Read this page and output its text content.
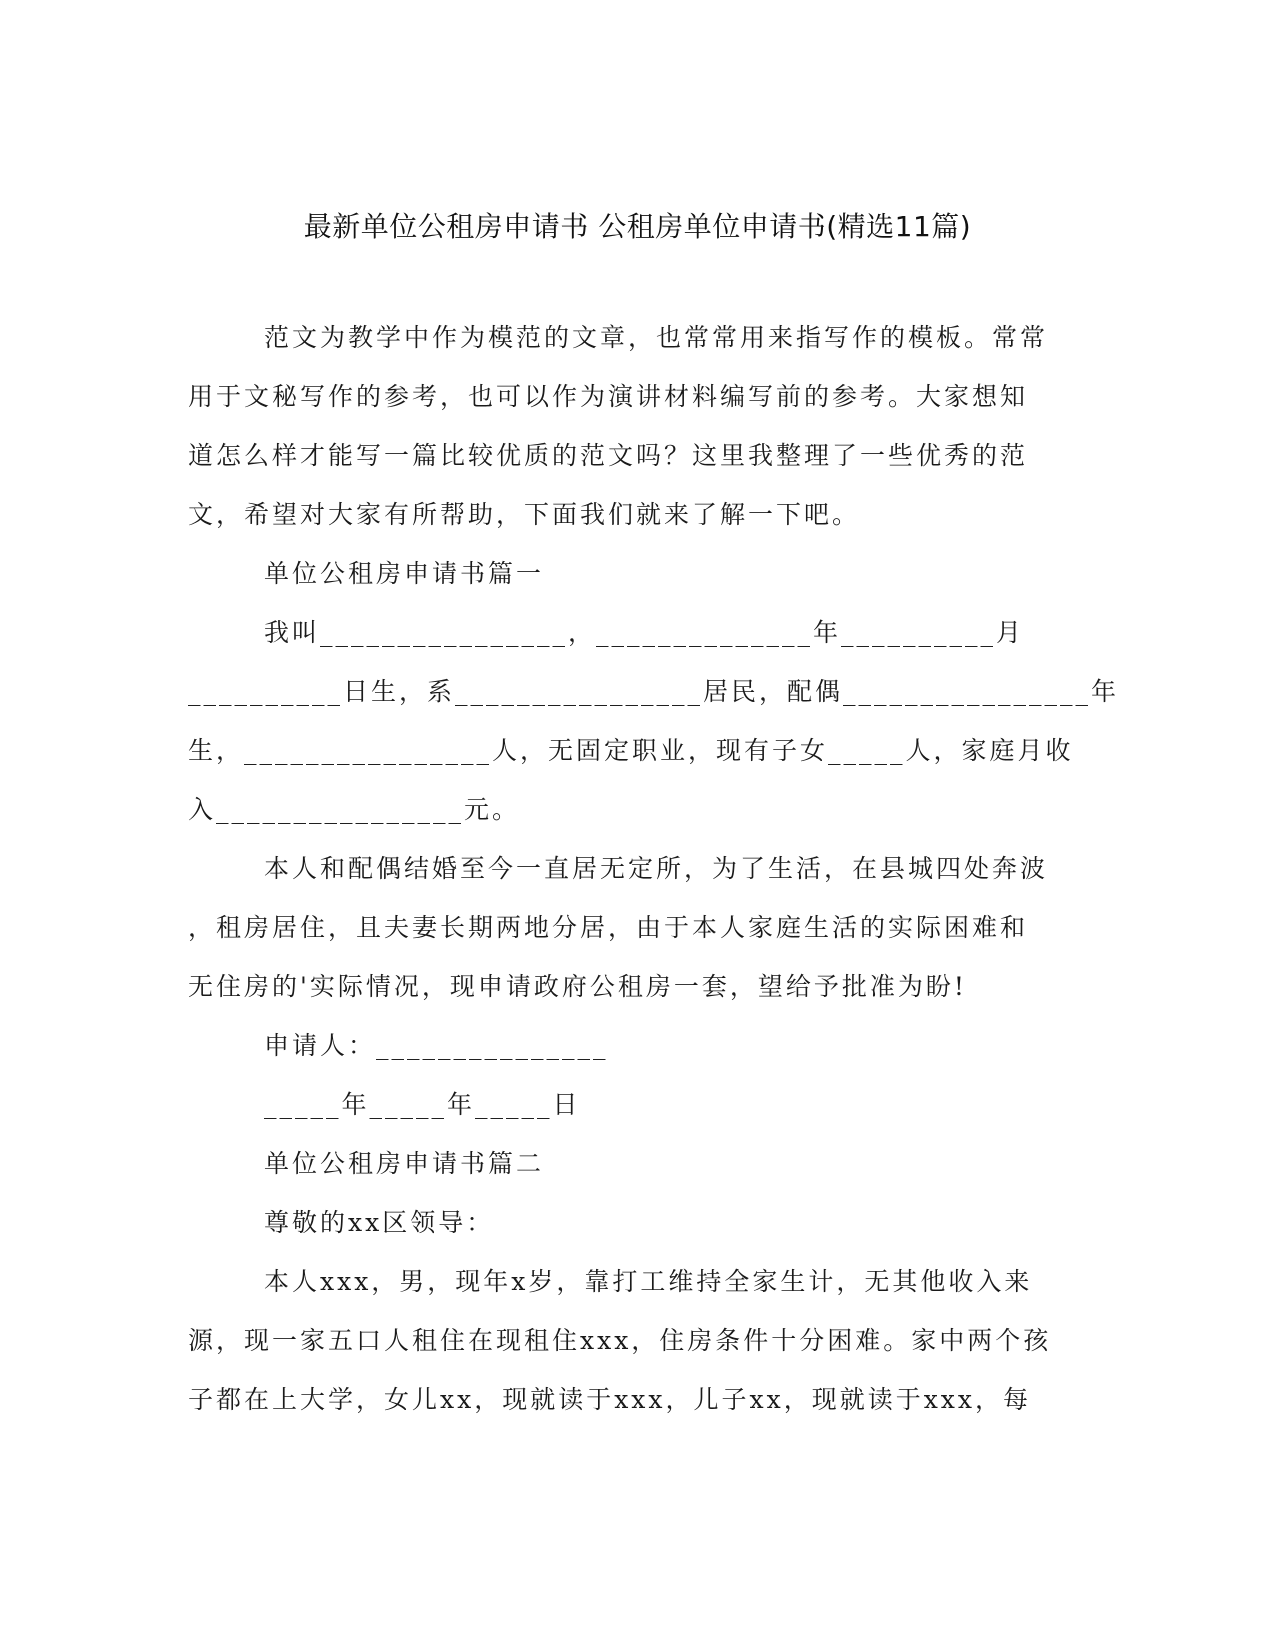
最新单位公租房申请书 公租房单位申请书(精选11篇)
范文为教学中作为模范的文章，也常常用来指写作的模板。常常
用于文秘写作的参考，也可以作为演讲材料编写前的参考。大家想知
道怎么样才能写一篇比较优质的范文吗？这里我整理了一些优秀的范
文，希望对大家有所帮助，下面我们就来了解一下吧。
单位公租房申请书篇一
我叫________________，______________年__________月
__________日生，系________________居民，配偶________________年
生，________________人，无固定职业，现有子女_____人，家庭月收
入________________元。
本人和配偶结婚至今一直居无定所，为了生活，在县城四处奔波
，租房居住，且夫妻长期两地分居，由于本人家庭生活的实际困难和
无住房的'实际情况，现申请政府公租房一套，望给予批准为盼!
申请人：_______________
_____年_____年_____日
单位公租房申请书篇二
尊敬的xx区领导：
本人xxx，男，现年x岁，靠打工维持全家生计，无其他收入来
源，现一家五口人租住在现租住xxx，住房条件十分困难。家中两个孩
子都在上大学，女儿xx，现就读于xxx，儿子xx，现就读于xxx，每
